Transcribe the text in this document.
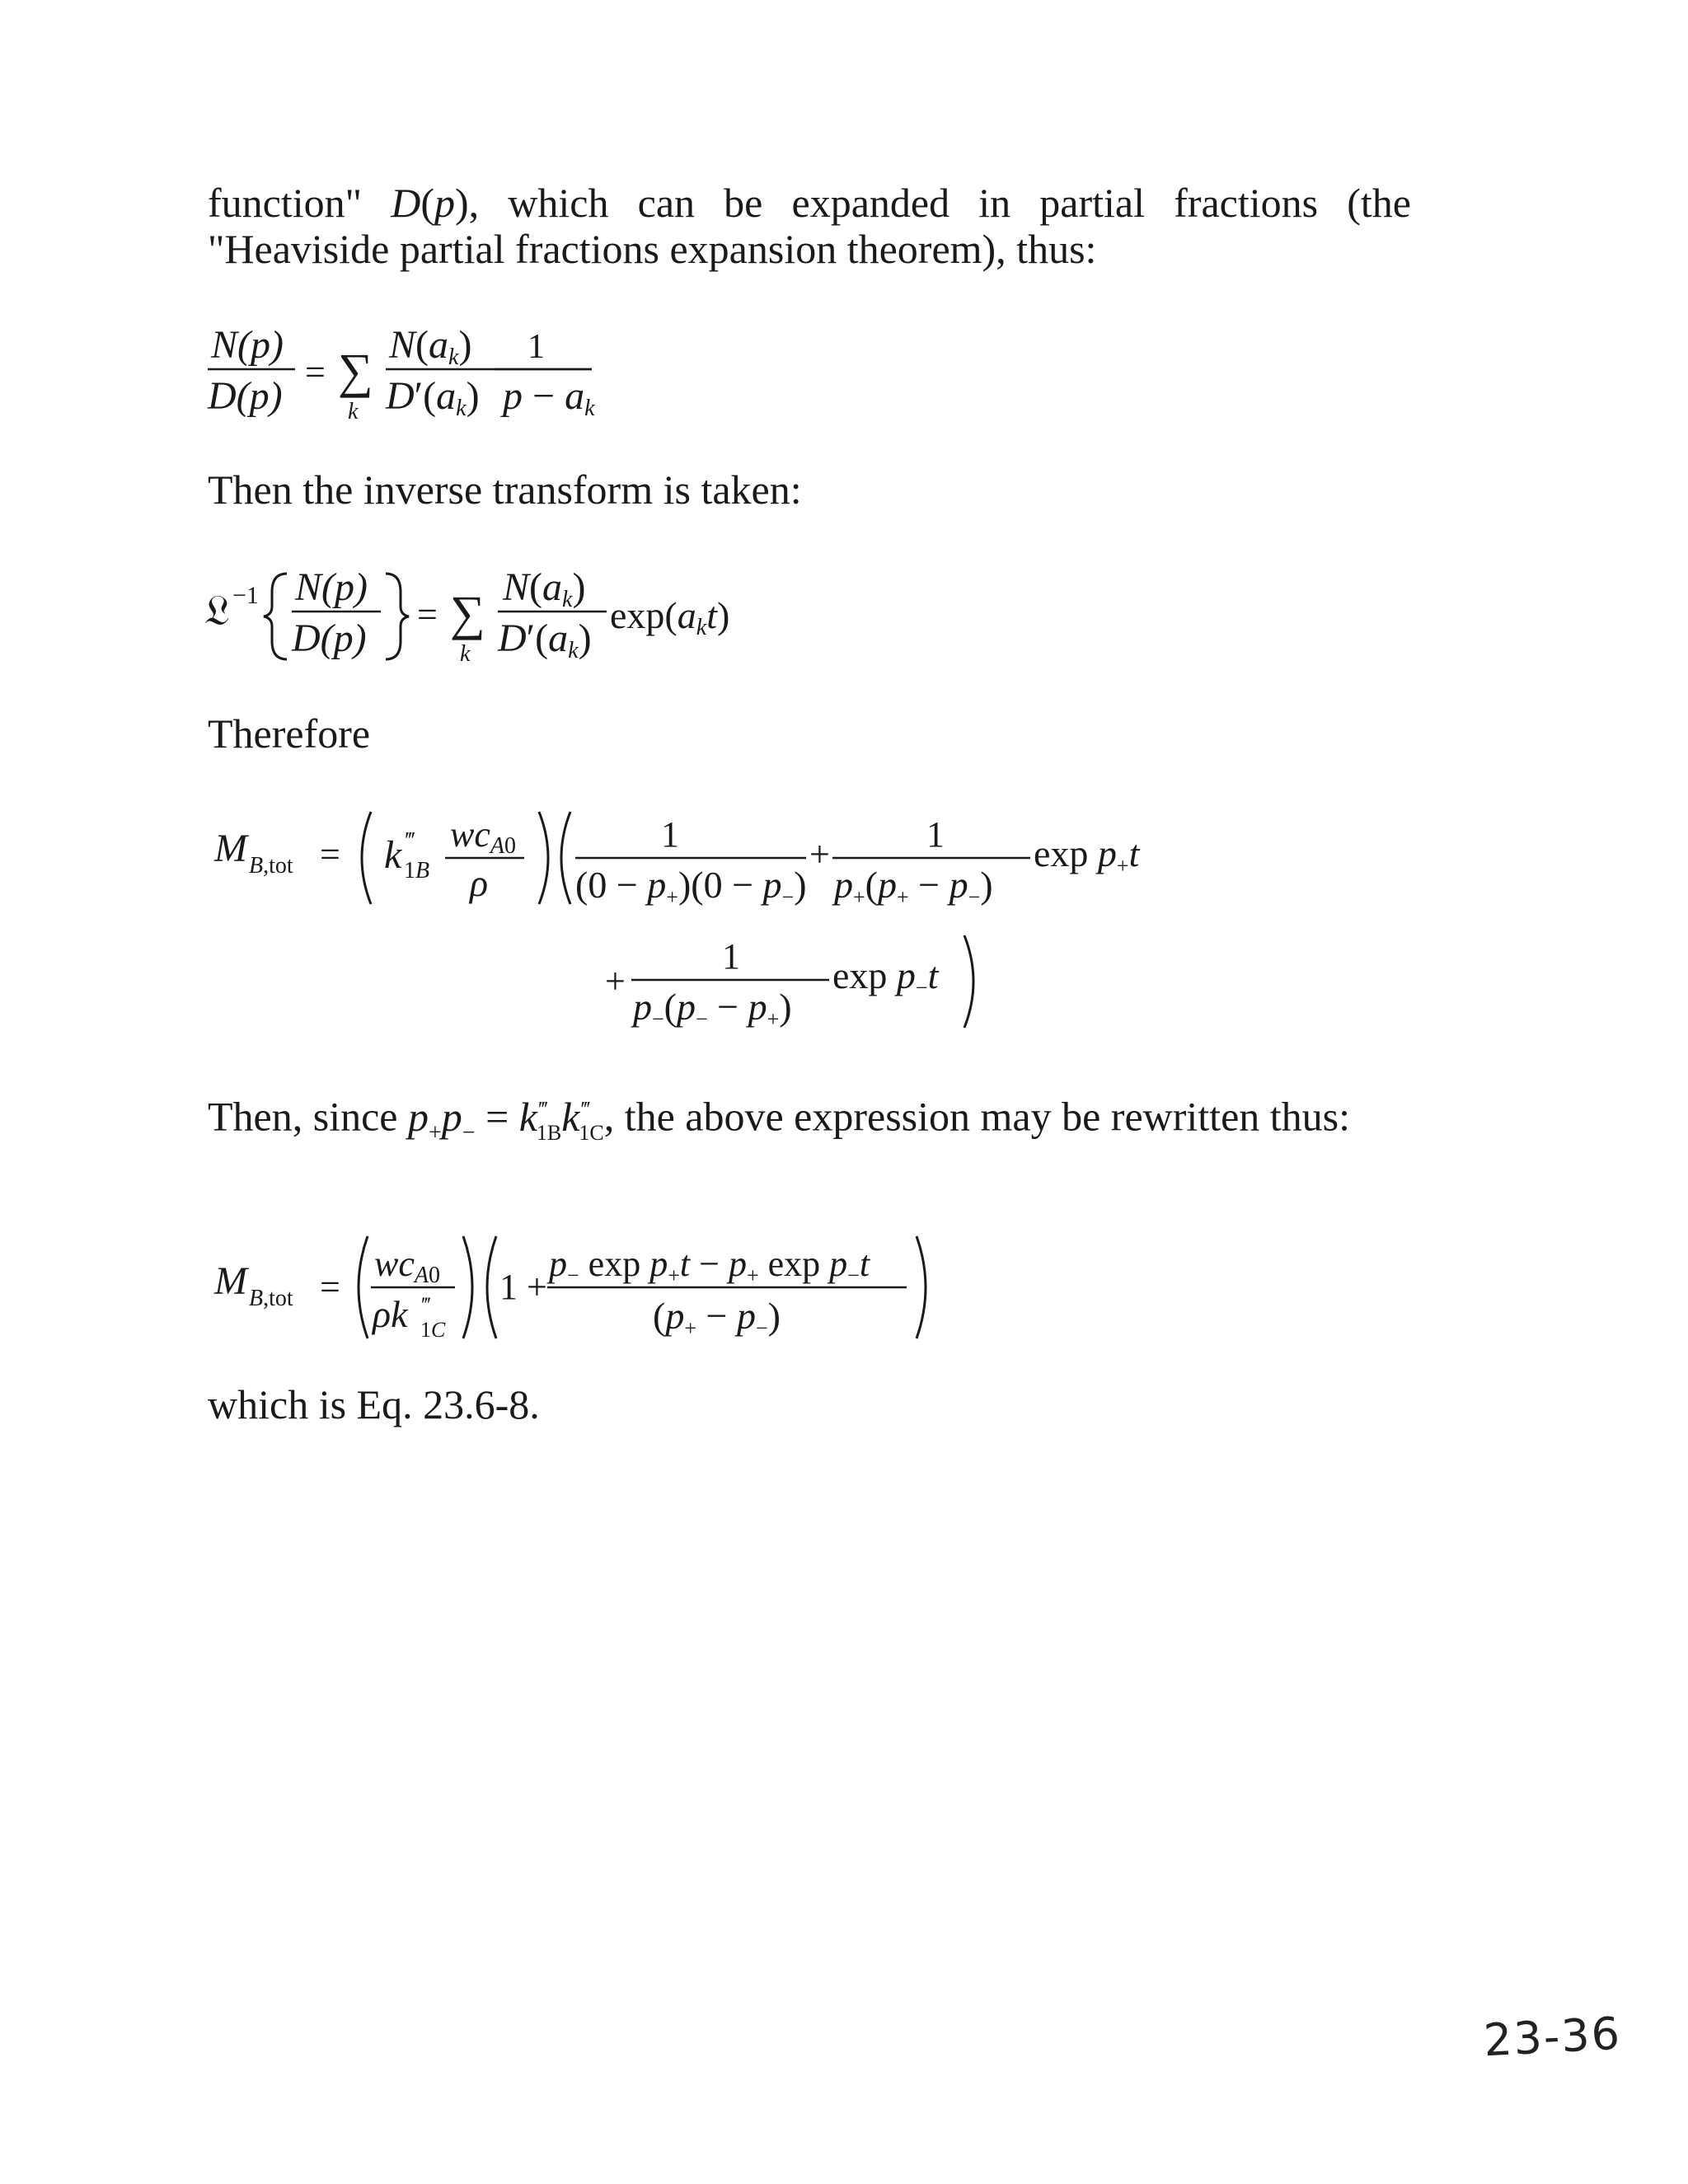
function" D(p), which can be expanded in partial fractions (the "Heaviside partial fractions expansion theorem), thus:

N(p)
D(p)
= ∑
k
N(ak)
D′(ak)
1
p − ak

Then the inverse transform is taken:

𝔏 −1 N(p)
D(p)
= ∑
k
N(ak)
D′(ak)
exp(akt)

Therefore

M B,tot = k ‴
1B
wcA0
ρ
1
(0 − p+)(0 − p−)
+	1
p+(p+ − p−)
exp p+t
+
1
p−(p− − p+)
exp p−t

Then, since $p_+p_- = k^‴_{1B}k^‴_{1C}$, the above expression may be rewritten thus:

M B,tot =
wcA0
ρk ‴
1C
1 +
p− exp p+t − p+ exp p−t
(p+ − p−)

which is Eq. 23.6-8.

23-36
